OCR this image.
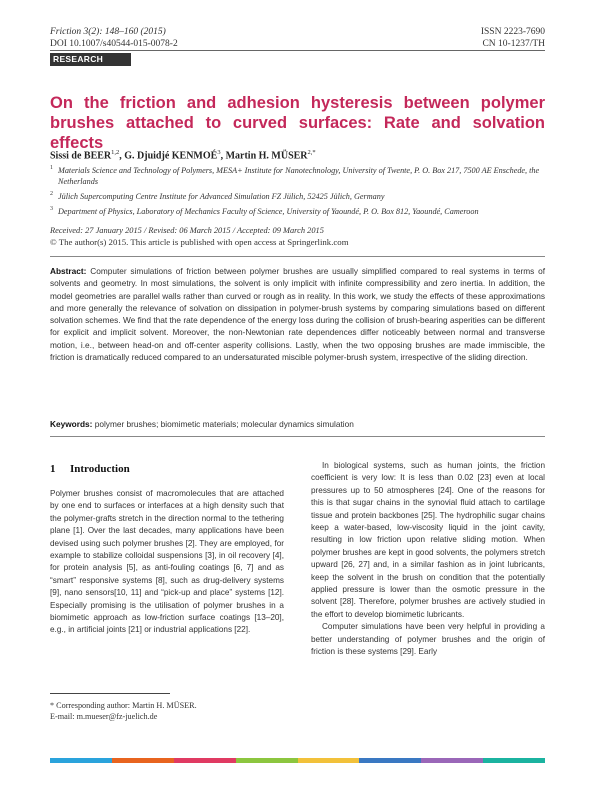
Friction 3(2): 148–160 (2015)
DOI 10.1007/s40544-015-0078-2
ISSN 2223-7690
CN 10-1237/TH
RESEARCH ARTICLE
On the friction and adhesion hysteresis between polymer brushes attached to curved surfaces: Rate and solvation effects
Sissi de BEER$^{1,2}$, G. Djuidjé KENMOÉ$^3$, Martin H. $MÜSER^{2,*}$
1 Materials Science and Technology of Polymers, MESA+ Institute for Nanotechnology, University of Twente, P. O. Box 217, 7500 AE Enschede, the Netherlands
2 Jülich Supercomputing Centre Institute for Advanced Simulation FZ Jülich, 52425 Jülich, Germany
3 Department of Physics, Laboratory of Mechanics Faculty of Science, University of Yaoundé, P. O. Box 812, Yaoundé, Cameroon
Received: 27 January 2015 / Revised: 06 March 2015 / Accepted: 09 March 2015
© The author(s) 2015. This article is published with open access at Springerlink.com
Abstract: Computer simulations of friction between polymer brushes are usually simplified compared to real systems in terms of solvents and geometry. In most simulations, the solvent is only implicit with infinite compressibility and zero inertia. In addition, the model geometries are parallel walls rather than curved or rough as in reality. In this work, we study the effects of these approximations and more generally the relevance of solvation on dissipation in polymer-brush systems by comparing simulations based on different solvation schemes. We find that the rate dependence of the energy loss during the collision of brush-bearing asperities can be different for explicit and implicit solvent. Moreover, the non-Newtonian rate dependences differ noticeably between normal and transverse motion, i.e., between head-on and off-center asperity collisions. Lastly, when the two opposing brushes are made immiscible, the friction is dramatically reduced compared to an undersaturated miscible polymer-brush system, irrespective of the sliding direction.
Keywords: polymer brushes; biomimetic materials; molecular dynamics simulation
1 Introduction

Polymer brushes consist of macromolecules that are attached by one end to surfaces or interfaces at a high density such that the polymer-grafts stretch in the direction normal to the tethering plane [1]. Over the last decades, many applications have been devised using such polymer brushes [2]. They are employed, for example to stabilize colloidal suspensions [3], in oil recovery [4], for protein analysis [5], as anti-fouling coatings [6, 7] and as “smart” responsive systems [8], such as drug-delivery systems [9], nano sensors[10, 11] and “pick-up and place” systems [12]. Especially promising is the utilisation of polymer brushes in a biomimetic approach as low-friction surface coatings [13–20], e.g., in artificial joints [21] or industrial applications [22].

In biological systems, such as human joints, the friction coefficient is very low: It is less than 0.02 [23] even at local pressures up to 50 atmospheres [24]. One of the reasons for this is that sugar chains in the synovial fluid attach to cartilage tissue and protein backbones [25]. The hydrophilic sugar chains keep a water-based, low-viscosity liquid in the joint cavity, resulting in low friction upon relative sliding motion. When polymer brushes are kept in good solvents, the polymers stretch upward [26, 27] and, in a similar fashion as in joint lubricants, keep the solvent in the brush on condition that the potentially applied pressure is lower than the osmotic pressure in the solvent [28]. Therefore, polymer brushes are actively studied in the effort to develop biomimetic lubricants.

Computer simulations have been very helpful in providing a better understanding of polymer brushes and the origin of friction is these systems [29]. Early

* Corresponding author: Martin H. MÜSER.
E-mail: m.mueser@fz-juelich.de
